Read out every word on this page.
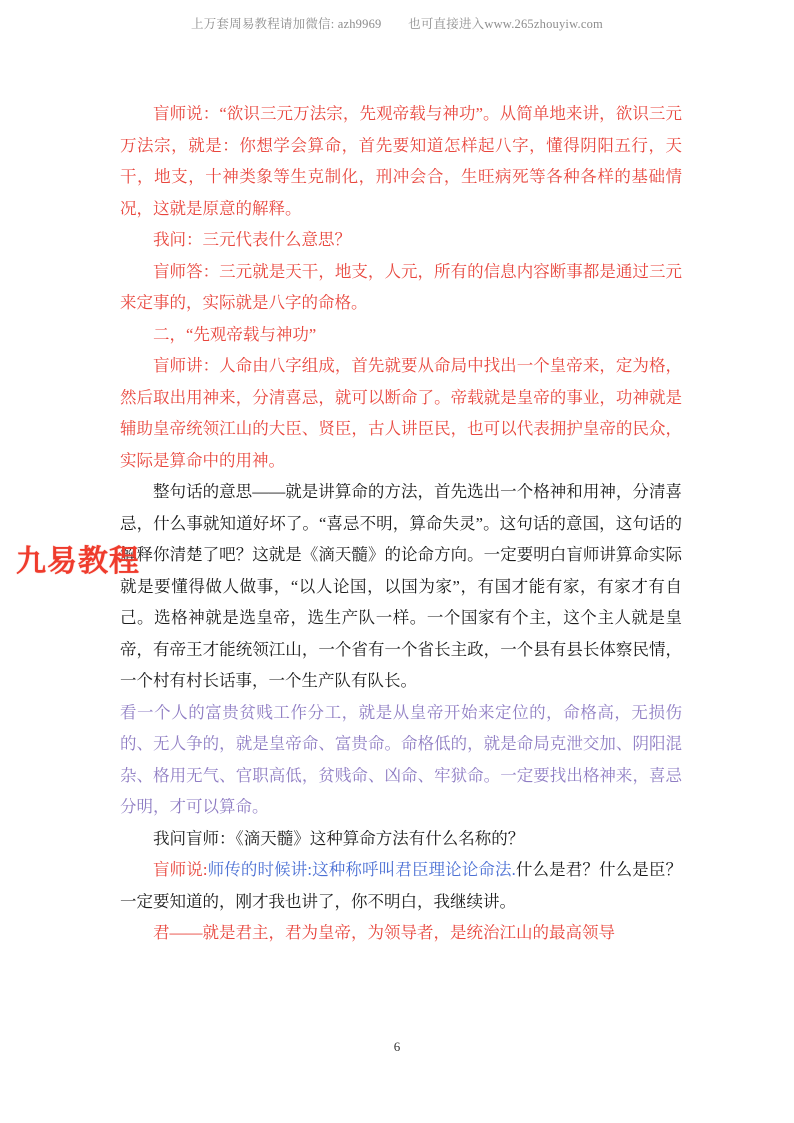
上万套周易教程请加微信: azh9969 也可直接进入www.265zhouyiw.com

盲师说：“欲识三元万法宗，先观帝载与神功”。从简单地来讲，欲识三元万法宗，就是：你想学会算命，首先要知道怎样起八字，懂得阴阳五行，天干，地支，十神类象等生克制化，刑冲会合，生旺病死等各种各样的基础情况，这就是原意的解释。

我问：三元代表什么意思？

盲师答：三元就是天干，地支，人元，所有的信息内容断事都是通过三元来定事的，实际就是八字的命格。

二，“先观帝载与神功”

盲师讲：人命由八字组成，首先就要从命局中找出一个皇帝来，定为格，然后取出用神来，分清喜忌，就可以断命了。帝载就是皇帝的事业，功神就是辅助皇帝统领江山的大臣、贤臣，古人讲臣民，也可以代表拥护皇帝的民众，实际是算命中的用神。

整句话的意思——就是讲算命的方法，首先选出一个格神和用神，分清喜忌，什么事就知道好坏了。“喜忌不明，算命失灵”。这句话的意国，这句话的解释你清楚了吧？这就是《滴天髓》的论命方向。一定要明白盲师讲算命实际就是要懂得做人做事，“以人论国，以国为家”，有国才能有家，有家才有自己。选格神就是选皇帝，选生产队一样。一个国家有个主，这个主人就是皇帝，有帝王才能统领江山，一个省有一个省长主政，一个县有县长体察民情，一个村有村长话事，一个生产队有队长。

看一个人的富贵贫贱工作分工，就是从皇帝开始来定位的，命格高，无损伤的、无人争的，就是皇帝命、富贵命。命格低的，就是命局克泄交加、阴阳混杂、格用无气、官职高低，贫贱命、凶命、牢狱命。一定要找出格神来，喜忌分明，才可以算命。

我问盲师：《滴天髓》这种算命方法有什么名称的？

盲师说:师传的时候讲:这种称呼叫君臣理论论命法.什么是君？什么是臣？ 一定要知道的，刚才我也讲了，你不明白，我继续讲。

君——就是君主，君为皇帝，为领导者，是统治江山的最高领导

九易教程
6
